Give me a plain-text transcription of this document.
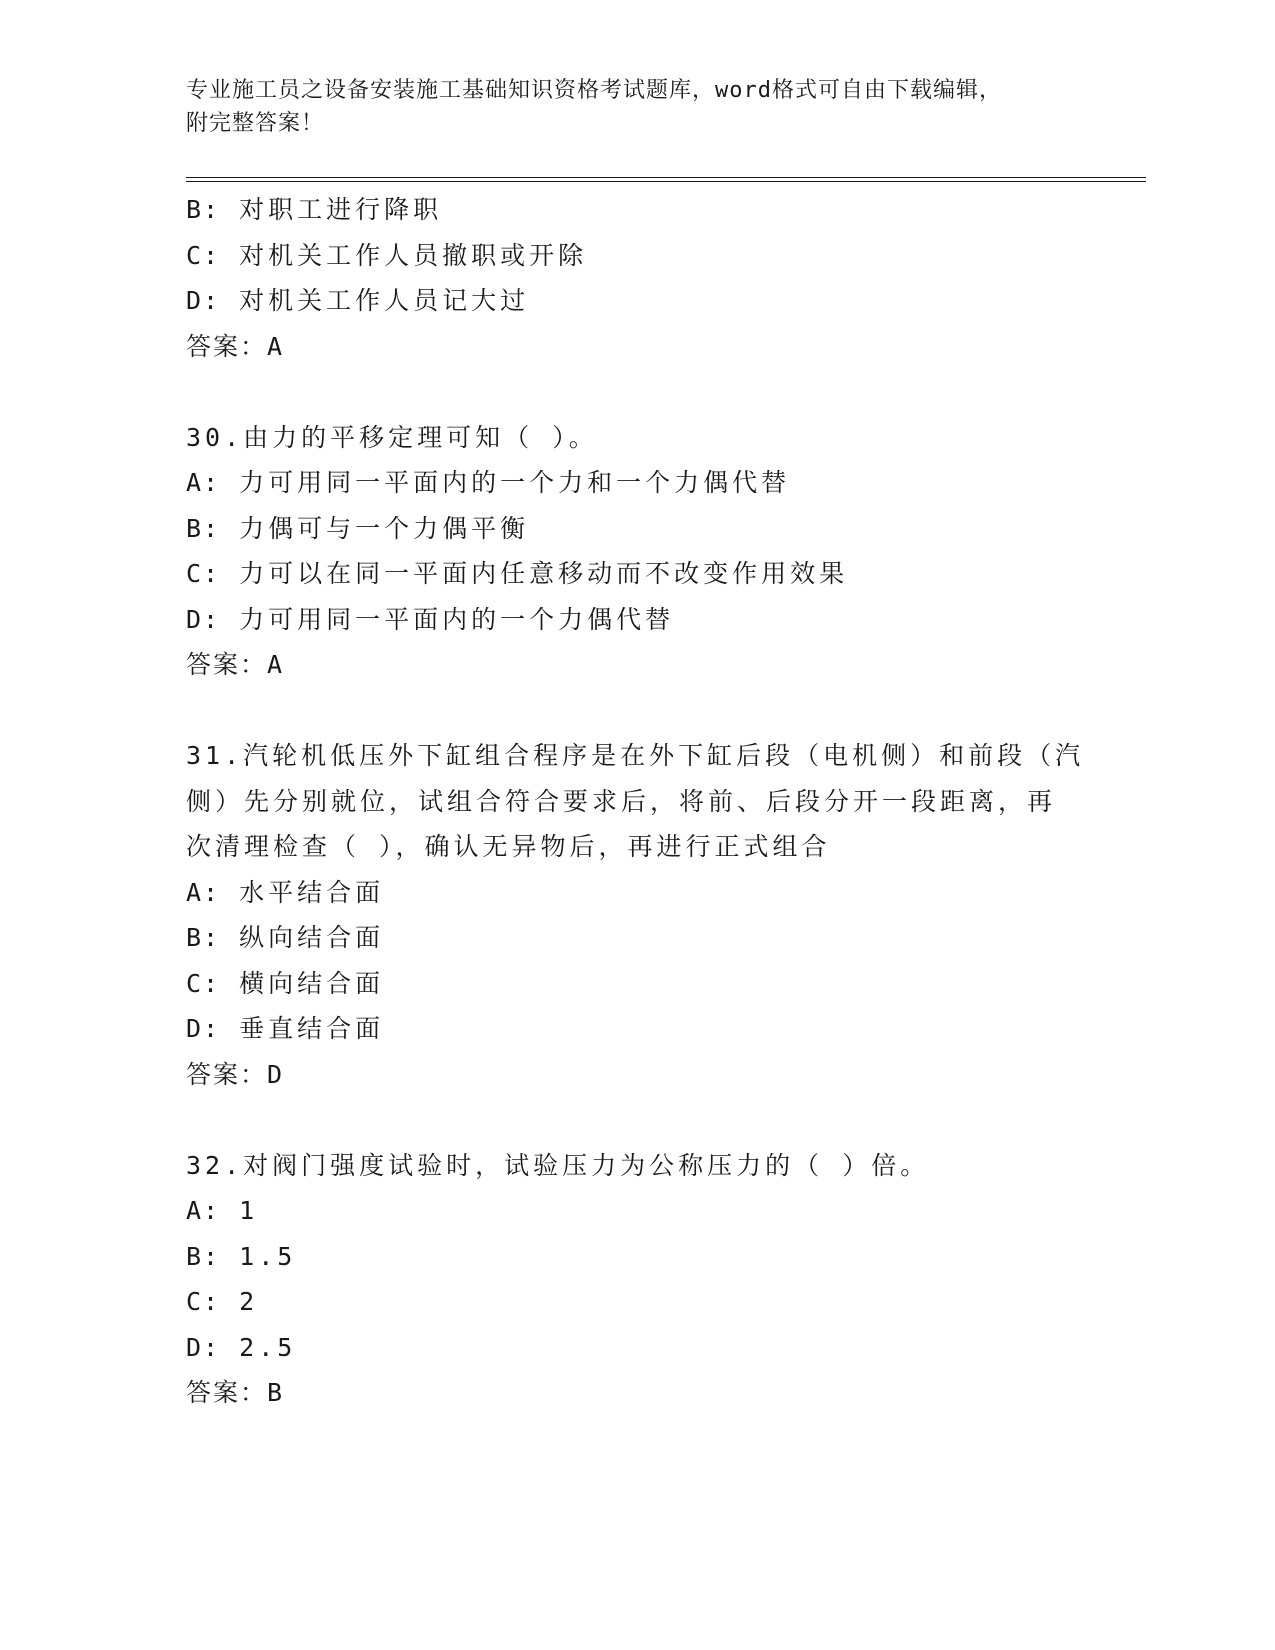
专业施工员之设备安装施工基础知识资格考试题库，word格式可自由下载编辑，
附完整答案！
B: 对职工进行降职
C: 对机关工作人员撤职或开除
D: 对机关工作人员记大过
答案：A
30.由力的平移定理可知（ ）。
A: 力可用同一平面内的一个力和一个力偶代替
B: 力偶可与一个力偶平衡
C: 力可以在同一平面内任意移动而不改变作用效果
D: 力可用同一平面内的一个力偶代替
答案：A
31.汽轮机低压外下缸组合程序是在外下缸后段（电机侧）和前段（汽
侧）先分别就位，试组合符合要求后，将前、后段分开一段距离，再
次清理检查（ ），确认无异物后，再进行正式组合
A: 水平结合面
B: 纵向结合面
C: 横向结合面
D: 垂直结合面
答案：D
32.对阀门强度试验时，试验压力为公称压力的（ ）倍。
A: 1
B: 1.5
C: 2
D: 2.5
答案：B
